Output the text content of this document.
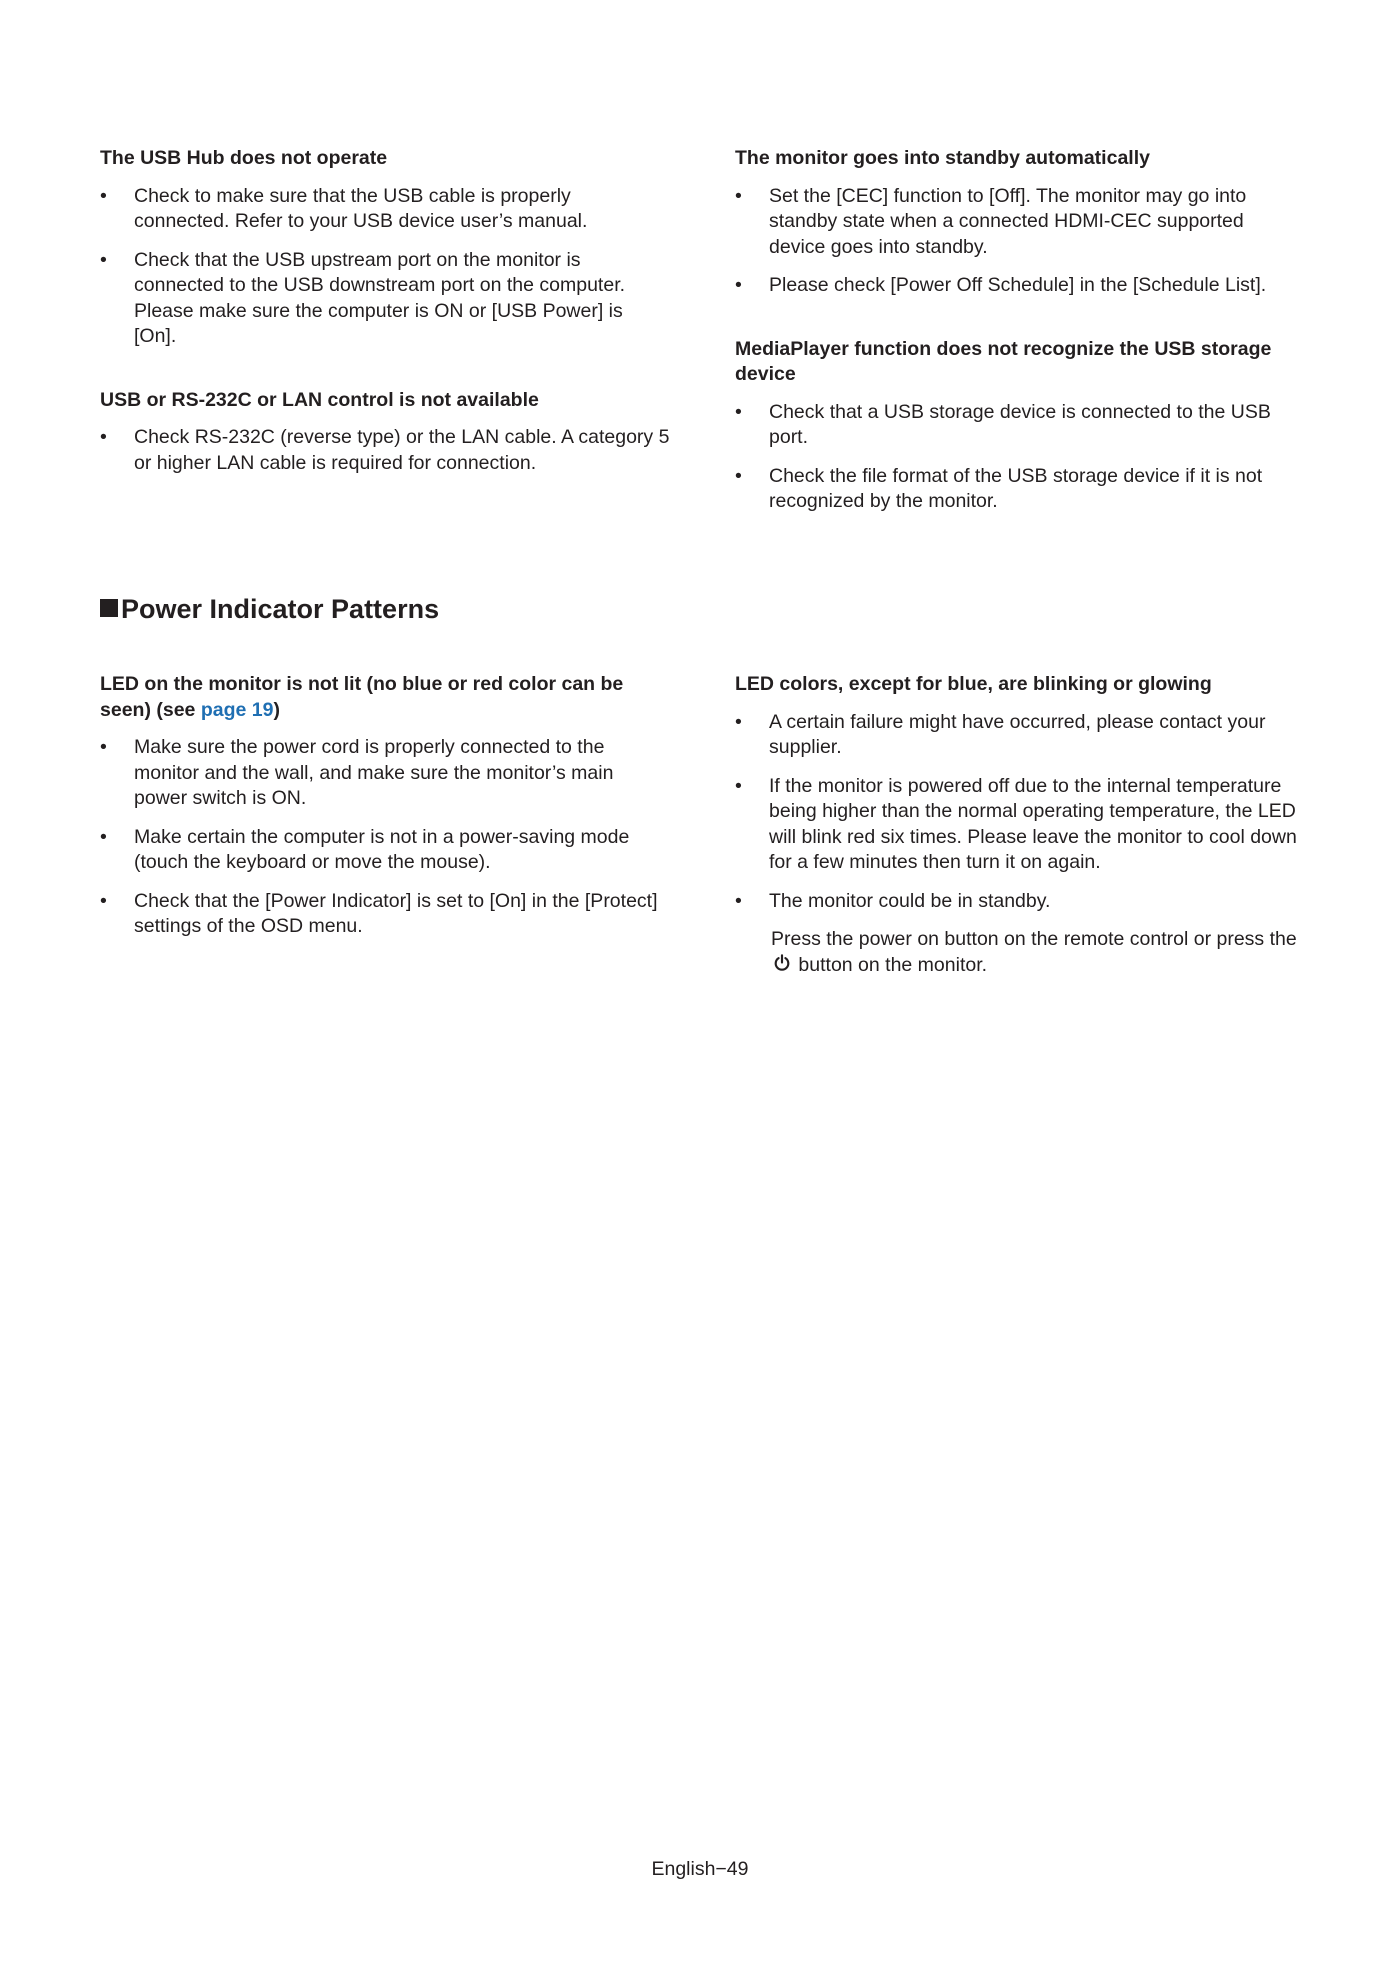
The USB Hub does not operate

•	Check to make sure that the USB cable is properly connected. Refer to your USB device user’s manual.
•	Check that the USB upstream port on the monitor is connected to the USB downstream port on the computer. Please make sure the computer is ON or [USB Power] is [On].

USB or RS-232C or LAN control is not available

•	Check RS-232C (reverse type) or the LAN cable. A category 5 or higher LAN cable is required for connection.

The monitor goes into standby automatically

•	Set the [CEC] function to [Off]. The monitor may go into standby state when a connected HDMI-CEC supported device goes into standby.
•	Please check [Power Off Schedule] in the [Schedule List].

MediaPlayer function does not recognize the USB storage device

•	Check that a USB storage device is connected to the USB port.
•	Check the file format of the USB storage device if it is not recognized by the monitor.
Power Indicator Patterns

LED on the monitor is not lit (no blue or red color can be seen) (see page 19)

•	Make sure the power cord is properly connected to the monitor and the wall, and make sure the monitor’s main power switch is ON.
•	Make certain the computer is not in a power-saving mode (touch the keyboard or move the mouse).
•	Check that the [Power Indicator] is set to [On] in the [Protect] settings of the OSD menu.

LED colors, except for blue, are blinking or glowing

•	A certain failure might have occurred, please contact your supplier.
•	If the monitor is powered off due to the internal temperature being higher than the normal operating temperature, the LED will blink red six times. Please leave the monitor to cool down for a few minutes then turn it on again.
•	The monitor could be in standby.

Press the power on button on the remote control or press the  button on the monitor.

English−49
